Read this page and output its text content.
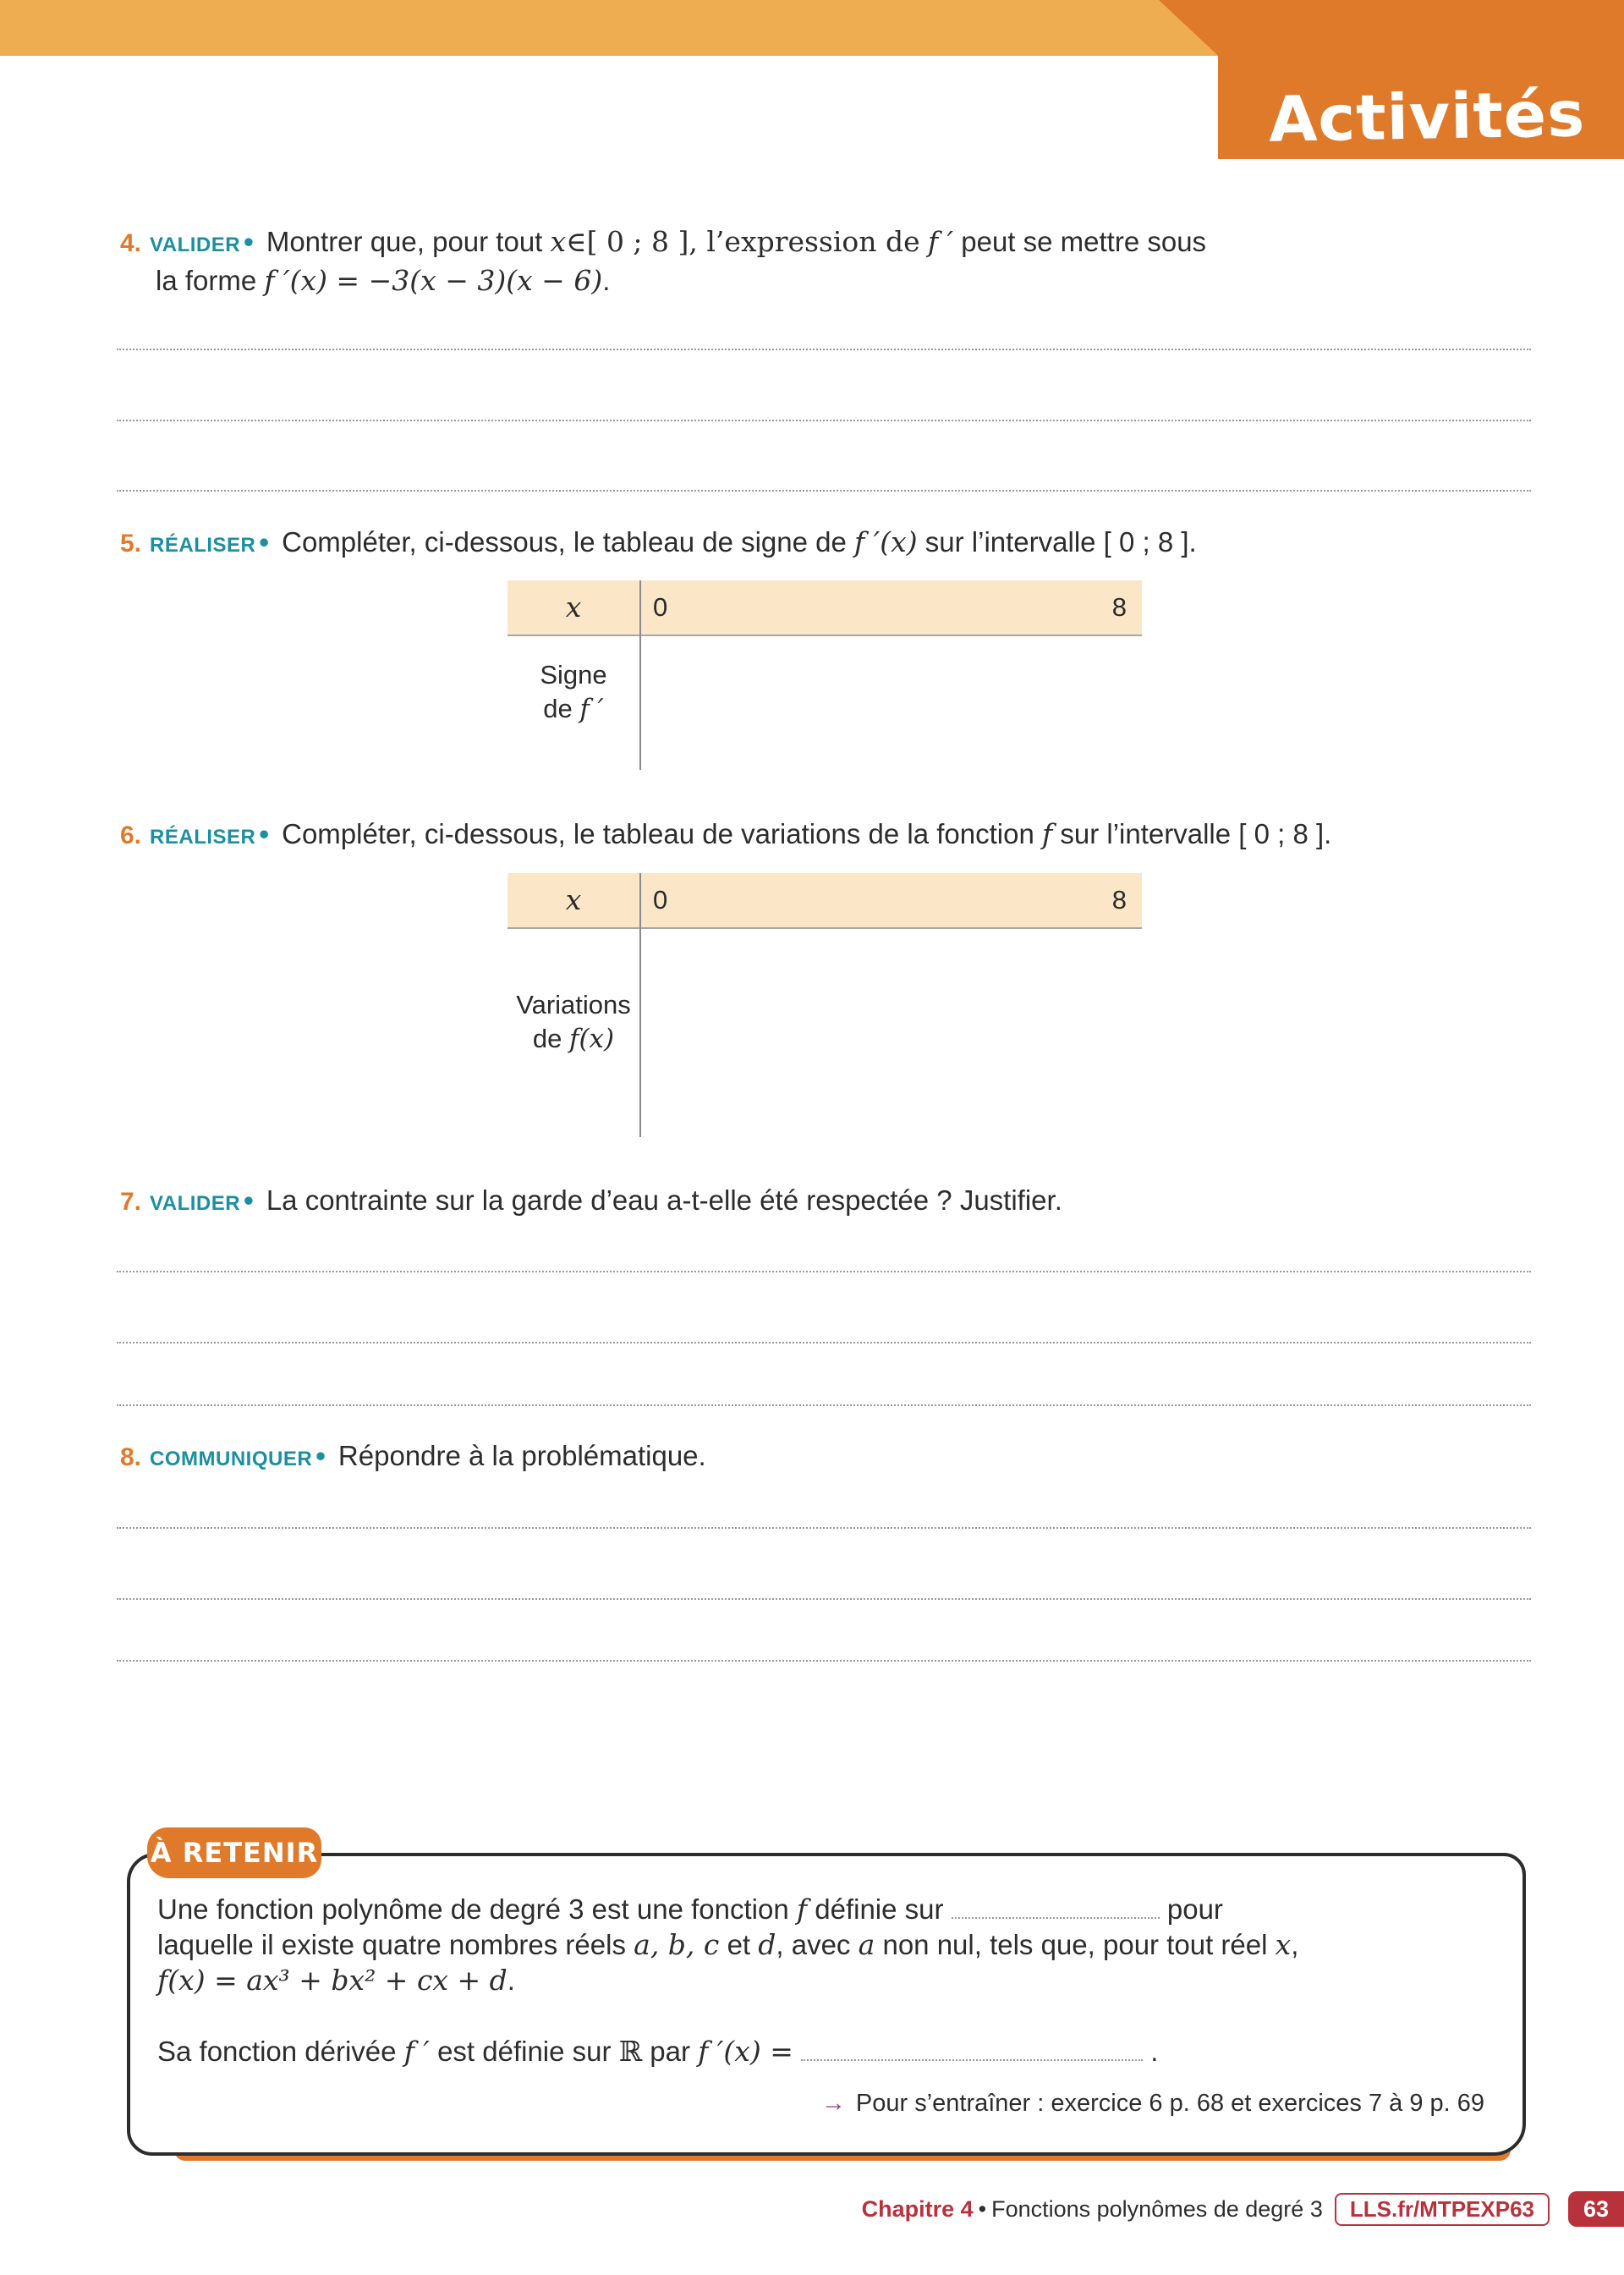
Activités
4. VALIDER • Montrer que, pour tout x∈[ 0 ; 8 ], l’expression de f ′ peut se mettre sous
la forme f ′(x) = −3(x − 3)(x − 6).
5. RÉALISER • Compléter, ci-dessous, le tableau de signe de f ′(x) sur l’intervalle [ 0 ; 8 ].
x	0	8
Signe
de f ′
6. RÉALISER • Compléter, ci-dessous, le tableau de variations de la fonction f sur l’intervalle [ 0 ; 8 ].
x	0	8
Variations
de f(x)
7. VALIDER • La contrainte sur la garde d’eau a-t-elle été respectée ? Justifier.
8. COMMUNIQUER • Répondre à la problématique.
À RETENIR
Une fonction polynôme de degré 3 est une fonction f définie sur	pour
laquelle il existe quatre nombres réels a, b, c et d, avec a non nul, tels que, pour tout réel x,
f(x) = ax³ + bx² + cx + d.
Sa fonction dérivée f ′ est définie sur ℝ par f ′(x) =	.
→ Pour s’entraîner : exercice 6 p. 68 et exercices 7 à 9 p. 69
Chapitre 4 • Fonctions polynômes de degré 3	LLS.fr/MTPEXP63	63
